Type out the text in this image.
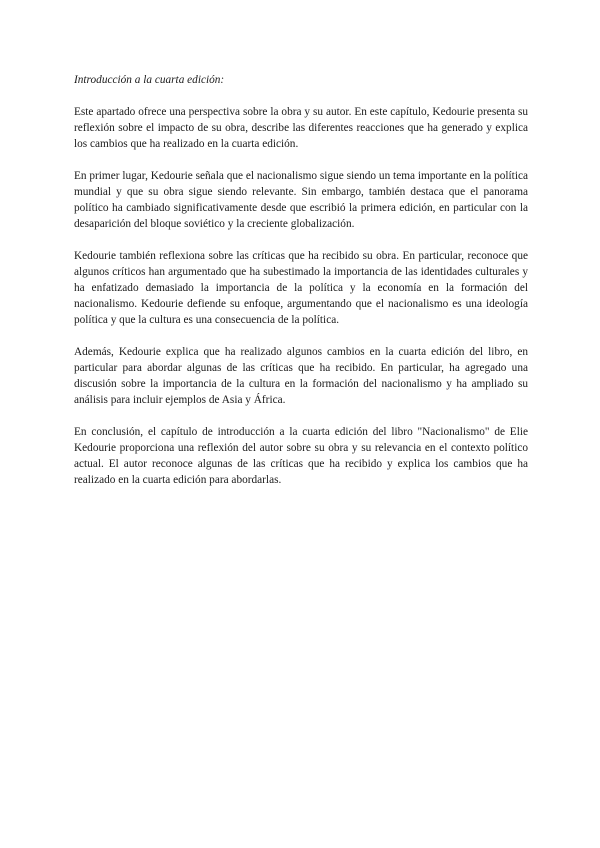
Introducción a la cuarta edición:

Este apartado ofrece una perspectiva sobre la obra y su autor. En este capítulo, Kedourie presenta su reflexión sobre el impacto de su obra, describe las diferentes reacciones que ha generado y explica los cambios que ha realizado en la cuarta edición.

En primer lugar, Kedourie señala que el nacionalismo sigue siendo un tema importante en la política mundial y que su obra sigue siendo relevante. Sin embargo, también destaca que el panorama político ha cambiado significativamente desde que escribió la primera edición, en particular con la desaparición del bloque soviético y la creciente globalización.

Kedourie también reflexiona sobre las críticas que ha recibido su obra. En particular, reconoce que algunos críticos han argumentado que ha subestimado la importancia de las identidades culturales y ha enfatizado demasiado la importancia de la política y la economía en la formación del nacionalismo. Kedourie defiende su enfoque, argumentando que el nacionalismo es una ideología política y que la cultura es una consecuencia de la política.

Además, Kedourie explica que ha realizado algunos cambios en la cuarta edición del libro, en particular para abordar algunas de las críticas que ha recibido. En particular, ha agregado una discusión sobre la importancia de la cultura en la formación del nacionalismo y ha ampliado su análisis para incluir ejemplos de Asia y África.

En conclusión, el capítulo de introducción a la cuarta edición del libro "Nacionalismo" de Elie Kedourie proporciona una reflexión del autor sobre su obra y su relevancia en el contexto político actual. El autor reconoce algunas de las críticas que ha recibido y explica los cambios que ha realizado en la cuarta edición para abordarlas.
